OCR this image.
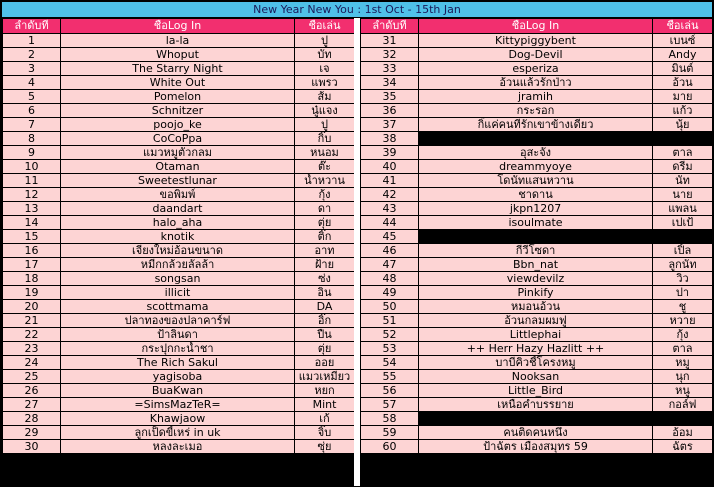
New Year New You : 1st Oct - 15th Jan
ลำดับที่	ชื่อLog In	ชื่อเล่น
1	la-la	ปู
2	Whoput	บัท
3	The Starry Night	เจ
4	White Out	แพรว
5	Pomelon	ส้ม
6	Schnitzer	นู๋แจง
7	poojo_ke	ปู
8	CoCoPpa	กิ๊บ
9	แมวหมูตัวกลม	หนอม
10	Otaman	ต๊ะ
11	Sweetestlunar	น้ำหวาน
12	ขอพิมพ์	กุ้ง
13	daandart	ดา
14	halo_aha	ตุ่ย
15	knotik	ติ๊ก
16	เจียงใหม่อ้อนขนาด	อาท
17	หมีกกล้วยลัลล้า	ฝ้าย
18	songsan	ซ่ง
19	illicit	อิน
20	scottmama	DA
21	ปลาทองของปลาคาร์ฟ	อิ๊ก
22	ป้าลินดา	ปืน
23	กระปุกกะน้ำชา	ตุ่ย
24	The Rich Sakul	ออย
25	yagisoba	แมวเหมียว
26	BuaKwan	หยก
27	=SimsMazTeR=	Mint
28	Khawjaow	เก้
29	ลูกเป็ดขี้เหร่ in uk	จิ๊บ
30	หลงละเมอ	ซุ่ย
ลำดับที่	ชื่อLog In	ชื่อเล่น
31	Kittypiggybent	เบนซ์
32	Dog-Devil	Andy
33	esperiza	มินต์
34	อ้วนแล้วรักป่าว	อ้วน
35	jramih	มาย
36	กระรอก	แก้ว
37	กิ็แค่คนที่รักเขาข้างเดียว	นุ้ย
38		
39	อุสะจัง	ตาล
40	dreammyoye	ดรีม
41	โดนัทแสนหวาน	นัท
42	ชาดาน	นาย
43	jkpn1207	แพลน
44	isoulmate	เปเป้
45		
46	กีวีโซดา	เปิ้ล
47	Bbn_nat	ลูกนัท
48	viewdevilz	วิว
49	Pinkify	ปา
50	หมอนอ้วน	ชู
51	อ้วนกลมผมฟู	หวาย
52	Littlephai	กุ้ง
53	++ Herr Hazy Hazlitt ++	ตาล
54	บาบีคิวชี้โครงหมู	หมู
55	Nooksan	นุก
56	Little_Bird	หนู
57	เหนือคำบรรยาย	กอล์ฟ
58		
59	คนติดคนหนึ่ง	อ้อม
60	ป้าฉัตร เมืองสมุทร 59	ฉัตร
